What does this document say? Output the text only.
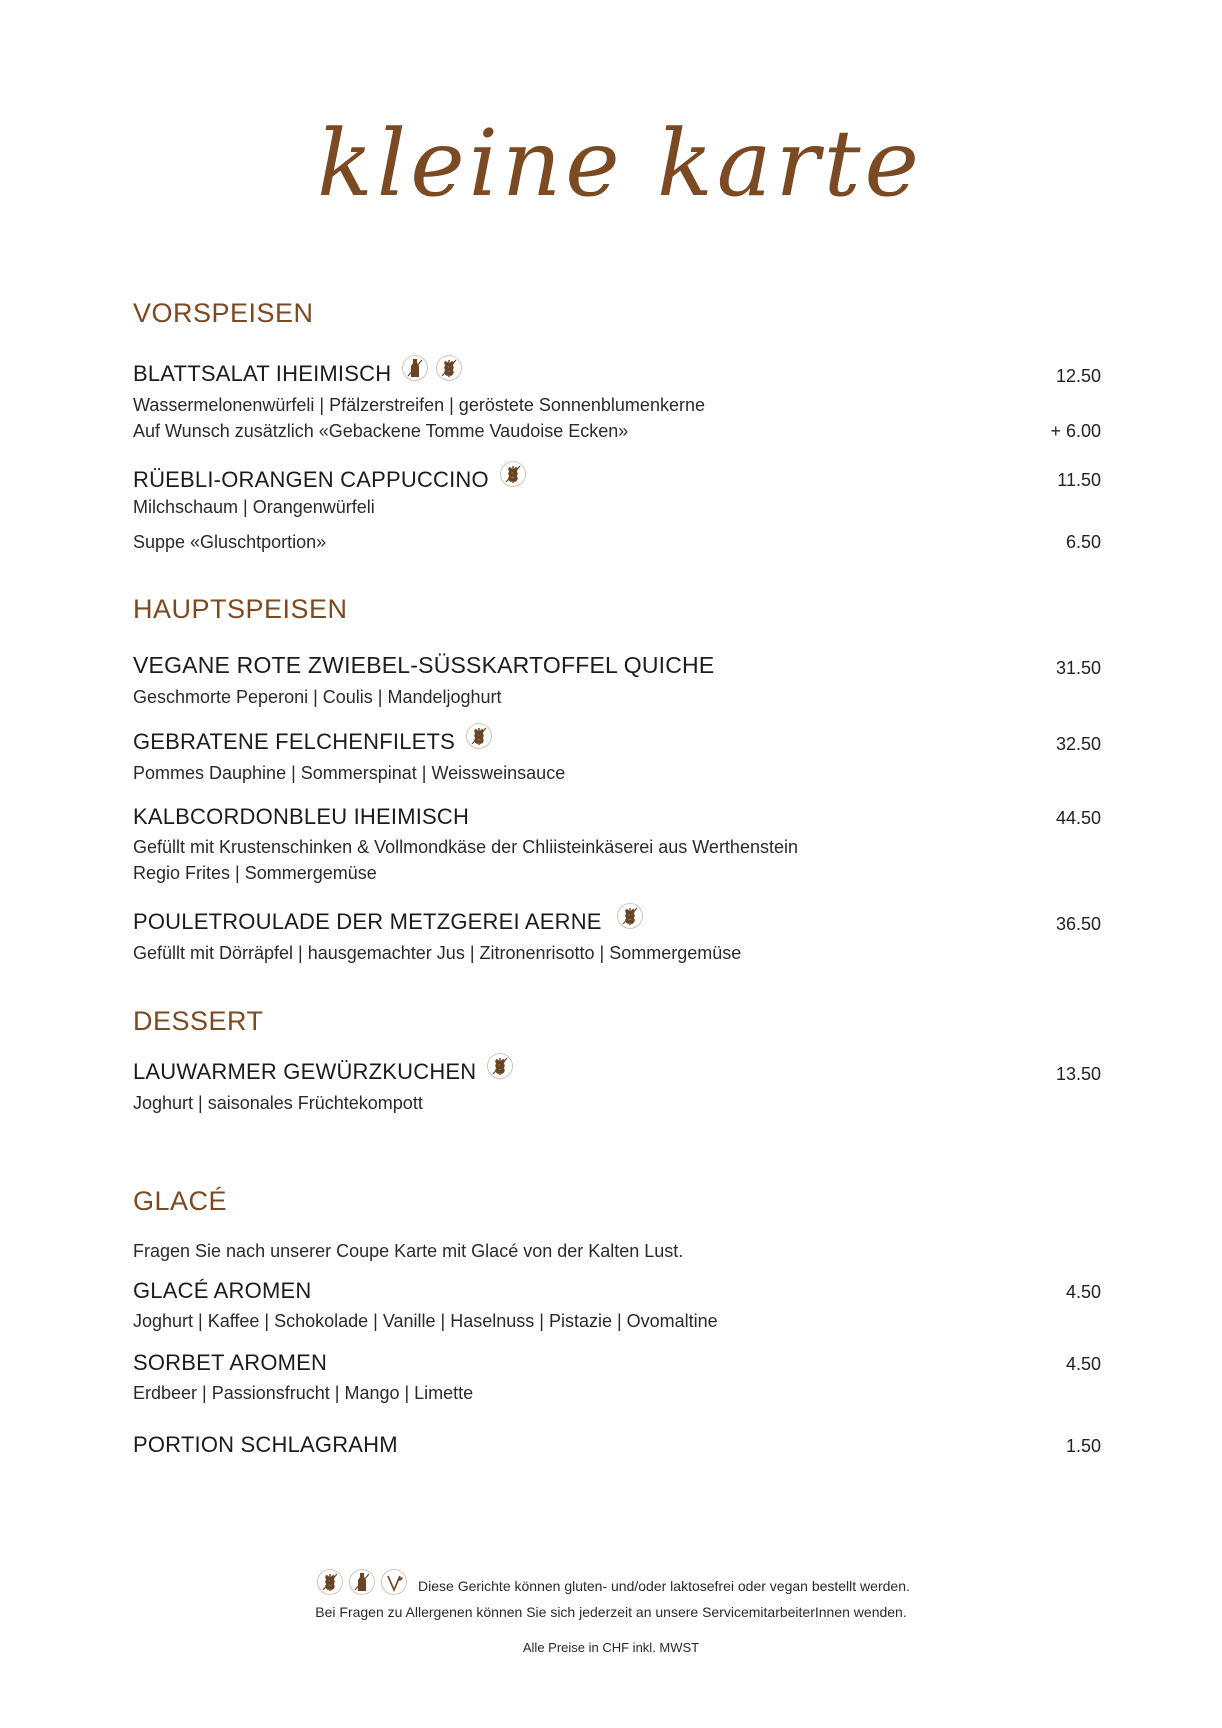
kleine karte
VORSPEISEN
BLATTSALAT IHEIMISCH	12.50
Wassermelonenwürfeli | Pfälzerstreifen | geröstete Sonnenblumenkerne
Auf Wunsch zusätzlich «Gebackene Tomme Vaudoise Ecken»	+ 6.00
RÜEBLI-ORANGEN CAPPUCCINO	11.50
Milchschaum | Orangenwürfeli
Suppe «Gluschtportion»	6.50
HAUPTSPEISEN
VEGANE ROTE ZWIEBEL-SÜSSKARTOFFEL QUICHE	31.50
Geschmorte Peperoni | Coulis | Mandeljoghurt
GEBRATENE FELCHENFILETS	32.50
Pommes Dauphine | Sommerspinat | Weissweinsauce
KALBCORDONBLEU IHEIMISCH	44.50
Gefüllt mit Krustenschinken & Vollmondkäse der Chliisteinkäserei aus Werthenstein
Regio Frites | Sommergemüse
POULETROULADE DER METZGEREI AERNE	36.50
Gefüllt mit Dörräpfel | hausgemachter Jus | Zitronenrisotto | Sommergemüse
DESSERT
LAUWARMER GEWÜRZKUCHEN	13.50
Joghurt | saisonales Früchtekompott
GLACÉ
Fragen Sie nach unserer Coupe Karte mit Glacé von der Kalten Lust.
GLACÉ AROMEN	4.50
Joghurt | Kaffee | Schokolade | Vanille | Haselnuss | Pistazie | Ovomaltine
SORBET AROMEN	4.50
Erdbeer | Passionsfrucht | Mango | Limette
PORTION SCHLAGRAHM	1.50
Diese Gerichte können gluten- und/oder laktosefrei oder vegan bestellt werden.
Bei Fragen zu Allergenen können Sie sich jederzeit an unsere ServicemitarbeiterInnen wenden.
Alle Preise in CHF inkl. MWST
